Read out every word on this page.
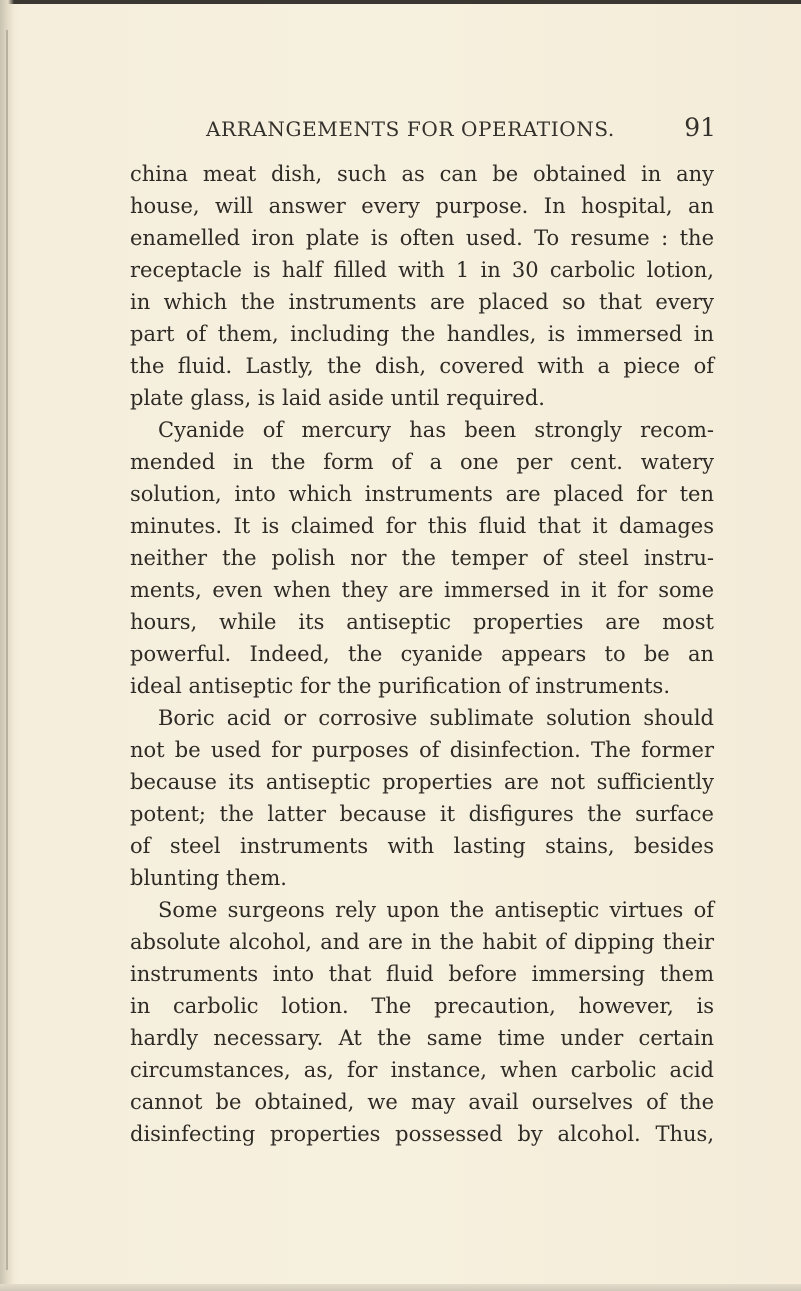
ARRANGEMENTS FOR OPERATIONS.	91
china meat dish, such as can be obtained in any
house, will answer every purpose. In hospital, an
enamelled iron plate is often used. To resume : the
receptacle is half filled with 1 in 30 carbolic lotion,
in which the instruments are placed so that every
part of them, including the handles, is immersed in
the fluid. Lastly, the dish, covered with a piece of
plate glass, is laid aside until required.
Cyanide of mercury has been strongly recom-
mended in the form of a one per cent. watery
solution, into which instruments are placed for ten
minutes. It is claimed for this fluid that it damages
neither the polish nor the temper of steel instru-
ments, even when they are immersed in it for some
hours, while its antiseptic properties are most
powerful. Indeed, the cyanide appears to be an
ideal antiseptic for the purification of instruments.
Boric acid or corrosive sublimate solution should
not be used for purposes of disinfection. The former
because its antiseptic properties are not sufficiently
potent; the latter because it disfigures the surface
of steel instruments with lasting stains, besides
blunting them.
Some surgeons rely upon the antiseptic virtues of
absolute alcohol, and are in the habit of dipping their
instruments into that fluid before immersing them
in carbolic lotion. The precaution, however, is
hardly necessary. At the same time under certain
circumstances, as, for instance, when carbolic acid
cannot be obtained, we may avail ourselves of the
disinfecting properties possessed by alcohol. Thus,
